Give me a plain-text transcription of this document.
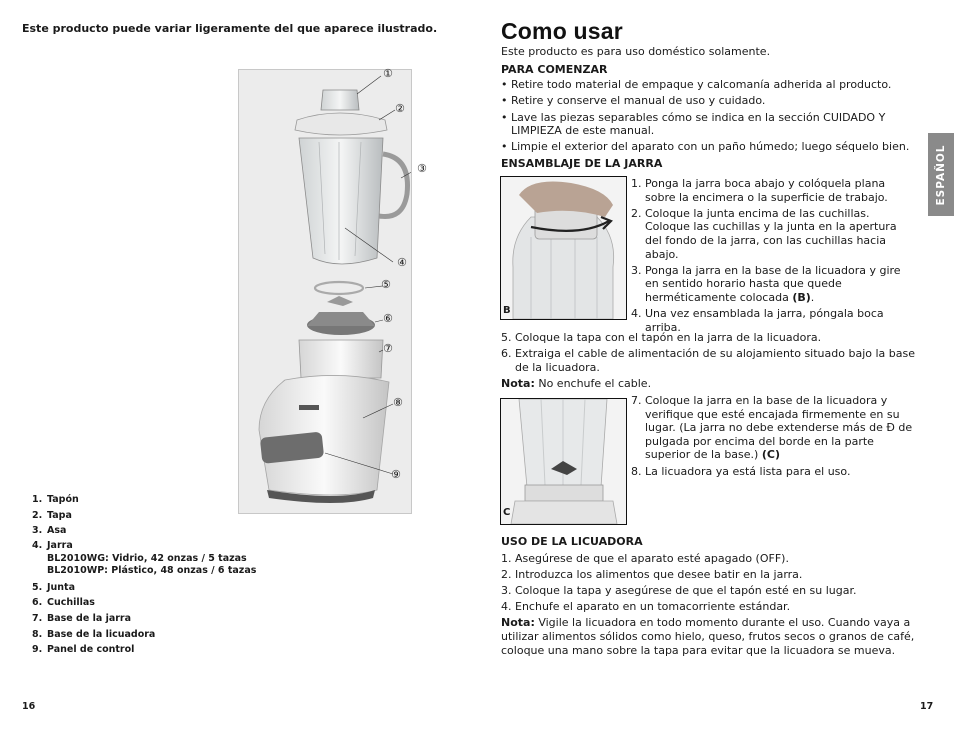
Este producto puede variar ligeramente del que aparece ilustrado.
①
②
③
④
⑤
⑥
⑦
⑧
⑨
1. Tapón
2. Tapa
3. Asa
4. Jarra
BL2010WG: Vidrio, 42 onzas / 5 tazas
BL2010WP: Plástico, 48 onzas / 6 tazas
5. Junta
6. Cuchillas
7. Base de la jarra
8. Base de la licuadora
9. Panel de control
16
Como usar
Este producto es para uso doméstico solamente.
PARA COMENZAR
• Retire todo material de empaque y calcomanía adherida al producto.
• Retire y conserve el manual de uso y cuidado.
• Lave las piezas separables cómo se indica en la sección CUIDADO Y LIMPIEZA de este manual.
• Limpie el exterior del aparato con un paño húmedo; luego séquelo bien.
ENSAMBLAJE DE LA JARRA
B
1. Ponga la jarra boca abajo y colóquela plana sobre la encimera o la superficie de trabajo.
2. Coloque la junta encima de las cuchillas. Coloque las cuchillas y la junta en la apertura del fondo de la jarra, con las cuchillas hacia abajo.
3. Ponga la jarra en la base de la licuadora y gire en sentido horario hasta que quede herméticamente colocada (B).
4. Una vez ensamblada la jarra, póngala boca arriba.
5. Coloque la tapa con el tapón en la jarra de la licuadora.
6. Extraiga el cable de alimentación de su alojamiento situado bajo la base de la licuadora.
Nota: No enchufe el cable.
C
7. Coloque la jarra en la base de la licuadora y verifique que esté encajada firmemente en su lugar. (La jarra no debe extenderse más de Ð de pulgada por encima del borde en la parte superior de la base.) (C)
8. La licuadora ya está lista para el uso.
USO DE LA LICUADORA
1. Asegúrese de que el aparato esté apagado (OFF).
2. Introduzca los alimentos que desee batir en la jarra.
3. Coloque la tapa y asegúrese de que el tapón esté en su lugar.
4. Enchufe el aparato en un tomacorriente estándar.
Nota: Vigile la licuadora en todo momento durante el uso. Cuando vaya a utilizar alimentos sólidos como hielo, queso, frutos secos o granos de café, coloque una mano sobre la tapa para evitar que la licuadora se mueva.
ESPAÑOL
17
